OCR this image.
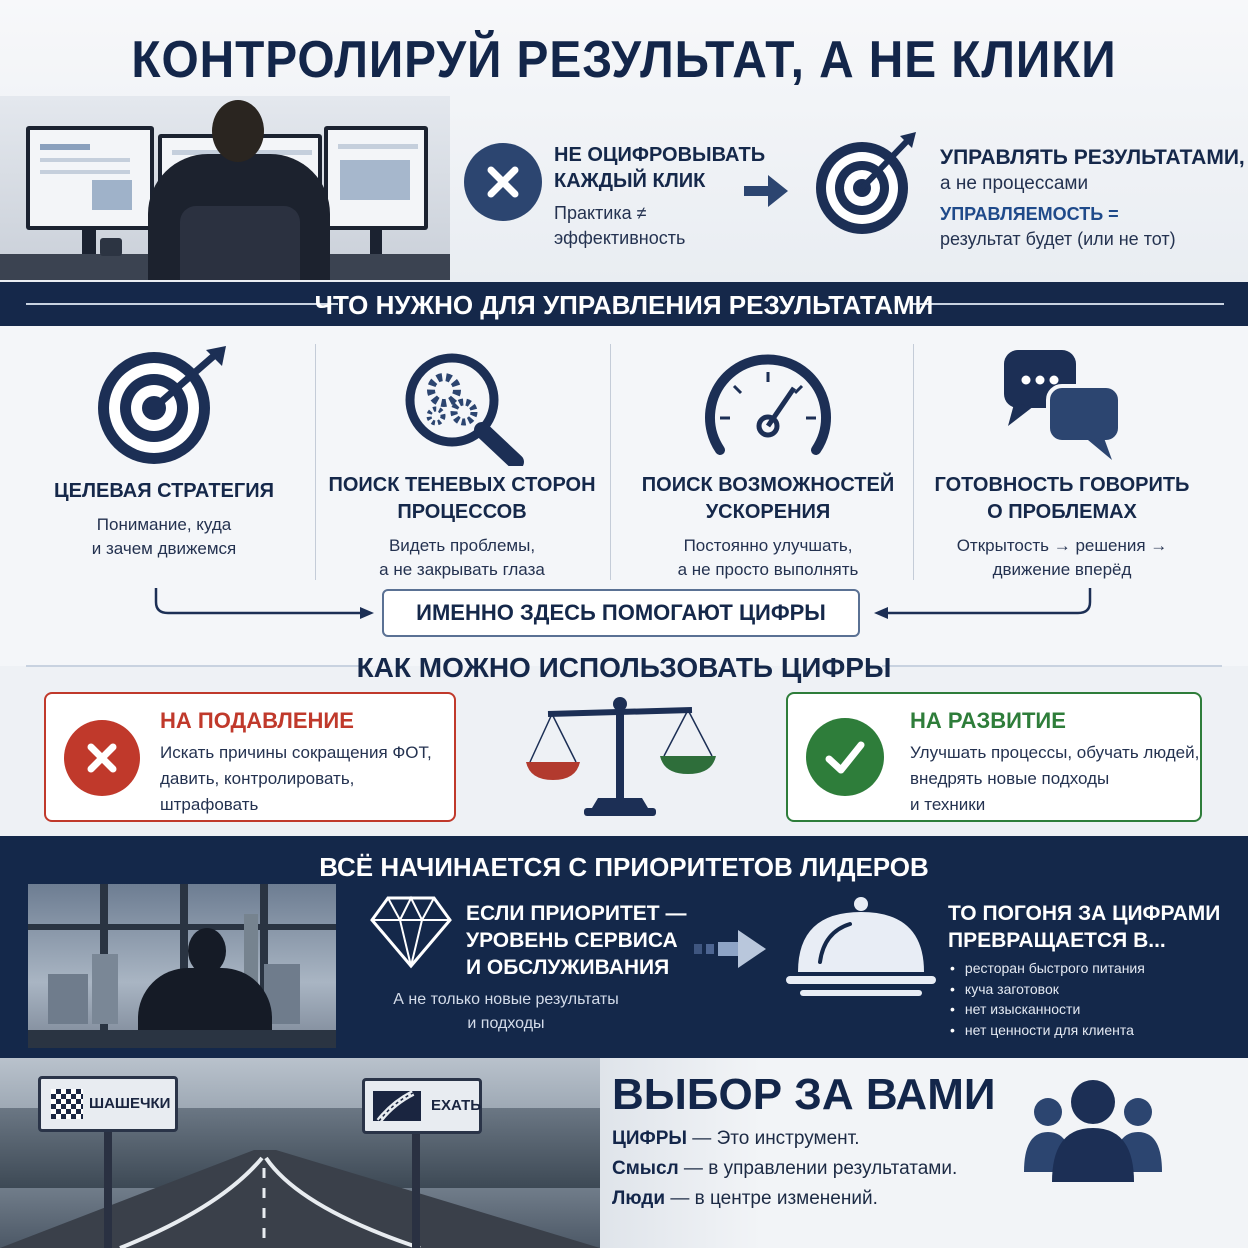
КОНТРОЛИРУЙ РЕЗУЛЬТАТ, А НЕ КЛИКИ
НЕ ОЦИФРОВЫВАТЬ
КАЖДЫЙ КЛИК
Практика ≠
эффективность
УПРАВЛЯТЬ РЕЗУЛЬТАТАМИ,
а не процессами
УПРАВЛЯЕМОСТЬ =
результат будет (или не тот)
ЧТО НУЖНО ДЛЯ УПРАВЛЕНИЯ РЕЗУЛЬТАТАМИ
ЦЕЛЕВАЯ СТРАТЕГИЯ
Понимание, куда
и зачем движемся
ПОИСК ТЕНЕВЫХ СТОРОН
ПРОЦЕССОВ
Видеть проблемы,
а не закрывать глаза
ПОИСК ВОЗМОЖНОСТЕЙ
УСКОРЕНИЯ
Постоянно улучшать,
а не просто выполнять
ГОТОВНОСТЬ ГОВОРИТЬ
О ПРОБЛЕМАХ
Открытость → решения →
движение вперёд
ИМЕННО ЗДЕСЬ ПОМОГАЮТ ЦИФРЫ
КАК МОЖНО ИСПОЛЬЗОВАТЬ ЦИФРЫ
НА ПОДАВЛЕНИЕ
Искать причины сокращения ФОТ,
давить, контролировать,
штрафовать
НА РАЗВИТИЕ
Улучшать процессы, обучать людей,
внедрять новые подходы
и техники
ВСЁ НАЧИНАЕТСЯ С ПРИОРИТЕТОВ ЛИДЕРОВ
ЕСЛИ ПРИОРИТЕТ —
УРОВЕНЬ СЕРВИСА
И ОБСЛУЖИВАНИЯ
А не только новые результаты
и подходы
ТО ПОГОНЯ ЗА ЦИФРАМИ
ПРЕВРАЩАЕТСЯ В...
• ресторан быстрого питания
• куча заготовок
• нет изысканности
• нет ценности для клиента
ШАШЕЧКИ	ЕХАТЬ	ВЫБОР ЗА ВАМИ
ЦИФРЫ — Это инструмент.
Смысл — в управлении результатами.
Люди — в центре изменений.
